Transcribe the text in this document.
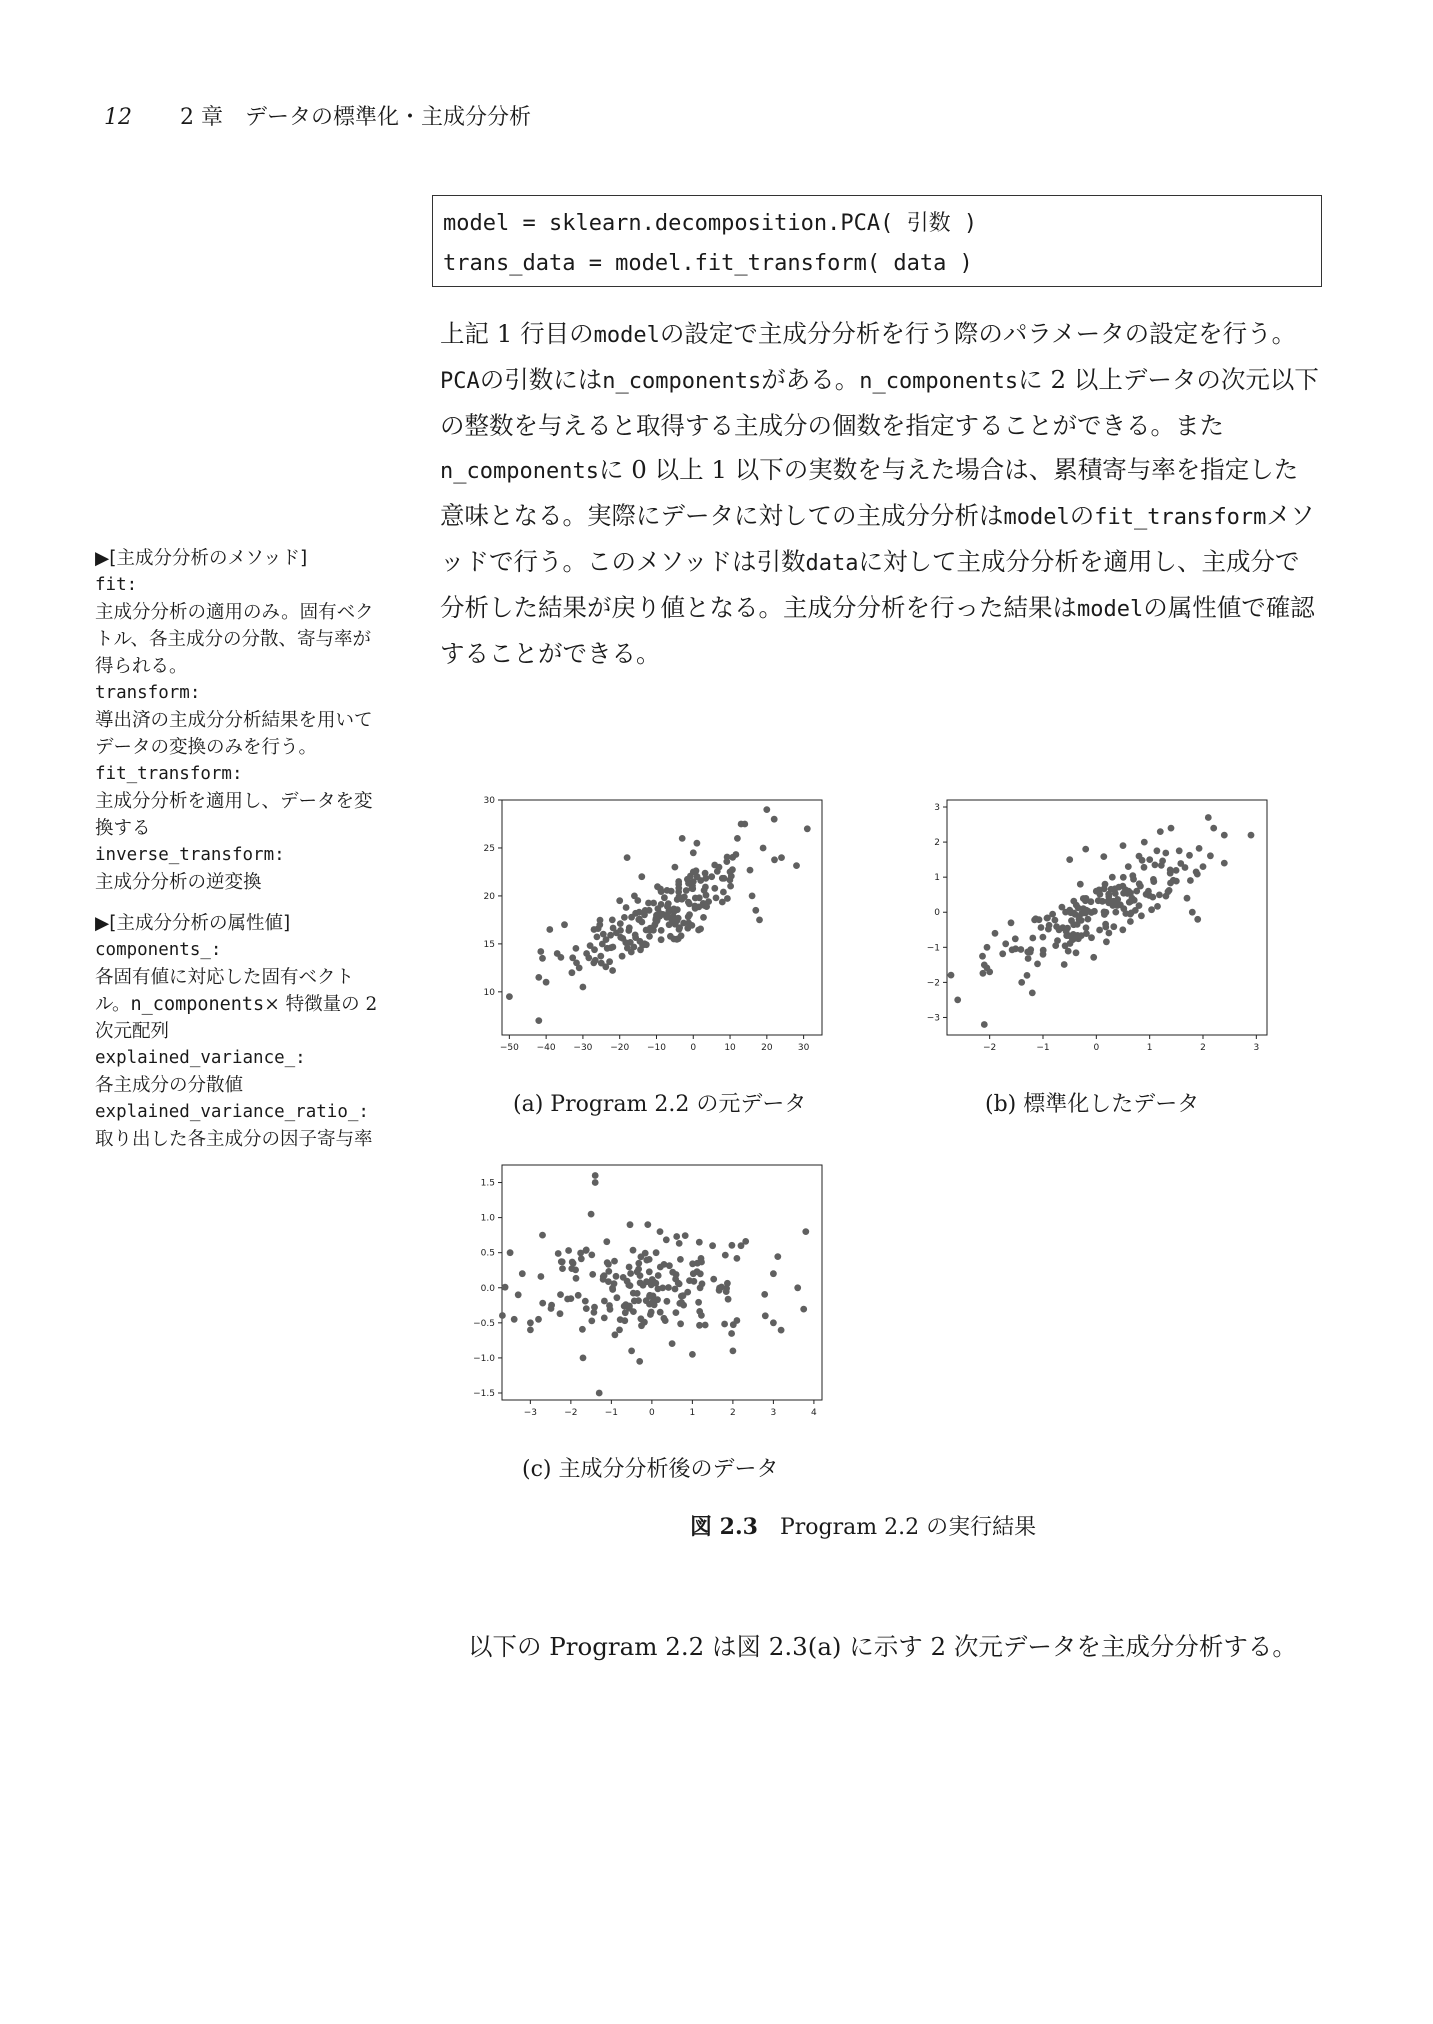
12 2 章　データの標準化・主成分分析
model = sklearn.decomposition.PCA( 引数 )
trans_data = model.fit_transform( data )
上記 1 行目のmodelの設定で主成分分析を行う際のパラメータの設定を行う。PCAの引数にはn_componentsがある。n_componentsに 2 以上データの次元以下の整数を与えると取得する主成分の個数を指定することができる。またn_componentsに 0 以上 1 以下の実数を与えた場合は、累積寄与率を指定した意味となる。実際にデータに対しての主成分分析はmodelのfit_transformメソッドで行う。このメソッドは引数dataに対して主成分分析を適用し、主成分で分析した結果が戻り値となる。主成分分析を行った結果はmodelの属性値で確認することができる。
▶[主成分分析のメソッド]
fit:
主成分分析の適用のみ。固有ベクトル、各主成分の分散、寄与率が得られる。
transform:
導出済の主成分分析結果を用いてデータの変換のみを行う。
fit_transform:
主成分分析を適用し、データを変換する
inverse_transform:
主成分分析の逆変換
▶[主成分分析の属性値]
components_:
各固有値に対応した固有ベクトル。n_components× 特徴量の 2 次元配列
explained_variance_:
各主成分の分散値
explained_variance_ratio_:
取り出した各主成分の因子寄与率
−50 −40 −30 −20 −10	0	10	20	30
10
15
20
25
30
−2	−1	0	1	2	3
−3
−2
−1
0
1
2
3
−3	−2	−1	0	1	2	3	4
−1.5
−1.0
−0.5
0.0
0.5
1.0
1.5
(a) Program 2.2 の元データ	(b) 標準化したデータ
(c) 主成分分析後のデータ
図 2.3　 Program 2.2 の実行結果
以下の Program 2.2 は図 2.3(a) に示す 2 次元データを主成分分析する。
